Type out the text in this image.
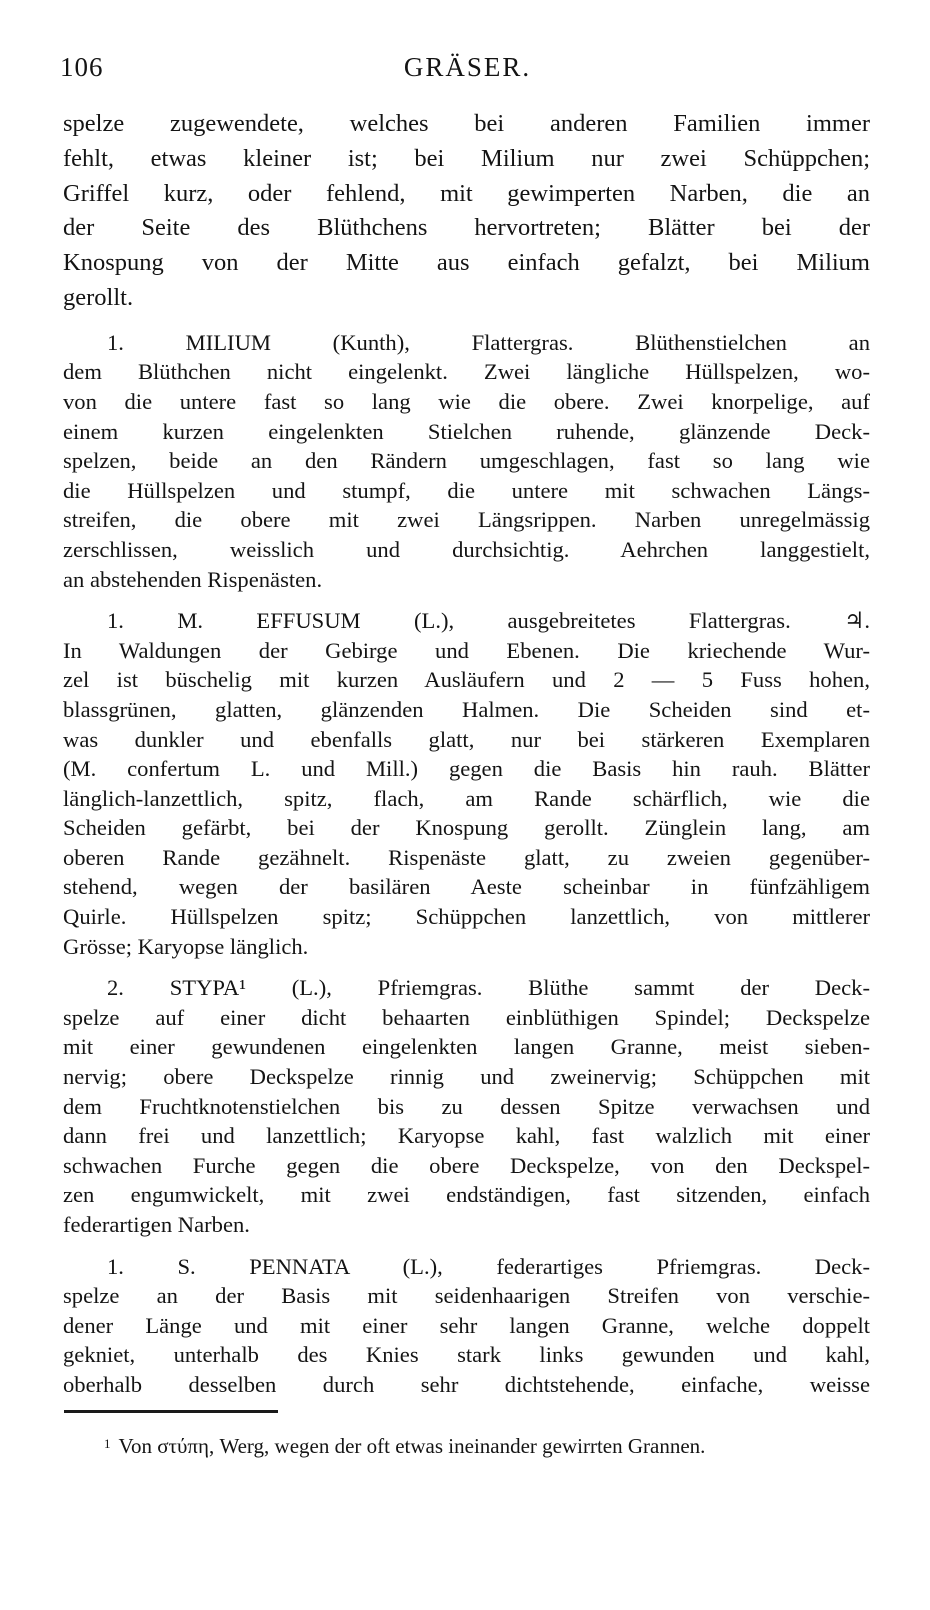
106	GRÄSER.
spelze zugewendete, welches bei anderen Familien immer
fehlt, etwas kleiner ist; bei Milium nur zwei Schüppchen;
Griffel kurz, oder fehlend, mit gewimperten Narben, die an
der Seite des Blüthchens hervortreten; Blätter bei der
Knospung von der Mitte aus einfach gefalzt, bei Milium
gerollt.
1. MILIUM (Kunth), Flattergras. Blüthenstielchen an
dem Blüthchen nicht eingelenkt. Zwei längliche Hüllspelzen, wo-
von die untere fast so lang wie die obere. Zwei knorpelige, auf
einem kurzen eingelenkten Stielchen ruhende, glänzende Deck-
spelzen, beide an den Rändern umgeschlagen, fast so lang wie
die Hüllspelzen und stumpf, die untere mit schwachen Längs-
streifen, die obere mit zwei Längsrippen. Narben unregelmässig
zerschlissen, weisslich und durchsichtig. Aehrchen langgestielt,
an abstehenden Rispenästen.
1. M. EFFUSUM (L.), ausgebreitetes Flattergras. ♃.
In Waldungen der Gebirge und Ebenen. Die kriechende Wur-
zel ist büschelig mit kurzen Ausläufern und 2 — 5 Fuss hohen,
blassgrünen, glatten, glänzenden Halmen. Die Scheiden sind et-
was dunkler und ebenfalls glatt, nur bei stärkeren Exemplaren
(M. confertum L. und Mill.) gegen die Basis hin rauh. Blätter
länglich-lanzettlich, spitz, flach, am Rande schärflich, wie die
Scheiden gefärbt, bei der Knospung gerollt. Zünglein lang, am
oberen Rande gezähnelt. Rispenäste glatt, zu zweien gegenüber-
stehend, wegen der basilären Aeste scheinbar in fünfzähligem
Quirle. Hüllspelzen spitz; Schüppchen lanzettlich, von mittlerer
Grösse; Karyopse länglich.
2. STYPA¹ (L.), Pfriemgras. Blüthe sammt der Deck-
spelze auf einer dicht behaarten einblüthigen Spindel; Deckspelze
mit einer gewundenen eingelenkten langen Granne, meist sieben-
nervig; obere Deckspelze rinnig und zweinervig; Schüppchen mit
dem Fruchtknotenstielchen bis zu dessen Spitze verwachsen und
dann frei und lanzettlich; Karyopse kahl, fast walzlich mit einer
schwachen Furche gegen die obere Deckspelze, von den Deckspel-
zen engumwickelt, mit zwei endständigen, fast sitzenden, einfach
federartigen Narben.
1. S. PENNATA (L.), federartiges Pfriemgras. Deck-
spelze an der Basis mit seidenhaarigen Streifen von verschie-
dener Länge und mit einer sehr langen Granne, welche doppelt
gekniet, unterhalb des Knies stark links gewunden und kahl,
oberhalb desselben durch sehr dichtstehende, einfache, weisse
$^1$ Von στύπη, Werg, wegen der oft etwas ineinander gewirrten Grannen.
